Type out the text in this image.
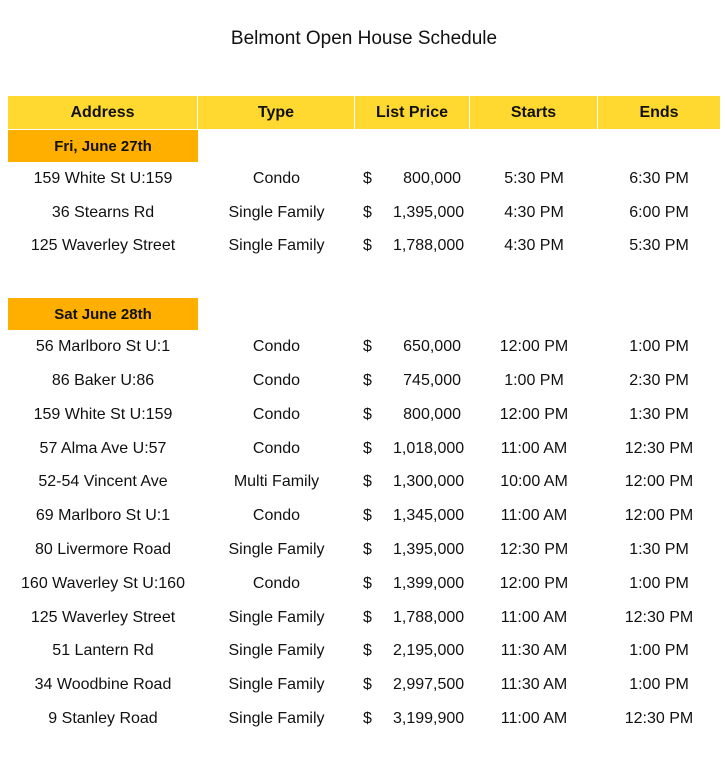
Belmont Open House Schedule
Address	Type	List Price	Starts	Ends
Fri, June 27th				
159 White St U:159	Condo	$ 800,000	5:30 PM	6:30 PM
36 Stearns Rd	Single Family	$ 1,395,000	4:30 PM	6:00 PM
125 Waverley Street	Single Family	$ 1,788,000	4:30 PM	5:30 PM

Sat June 28th				
56 Marlboro St U:1	Condo	$ 650,000	12:00 PM	1:00 PM
86 Baker U:86	Condo	$ 745,000	1:00 PM	2:30 PM
159 White St U:159	Condo	$ 800,000	12:00 PM	1:30 PM
57 Alma Ave U:57	Condo	$ 1,018,000	11:00 AM	12:30 PM
52-54 Vincent Ave	Multi Family	$ 1,300,000	10:00 AM	12:00 PM
69 Marlboro St U:1	Condo	$ 1,345,000	11:00 AM	12:00 PM
80 Livermore Road	Single Family	$ 1,395,000	12:30 PM	1:30 PM
160 Waverley St U:160	Condo	$ 1,399,000	12:00 PM	1:00 PM
125 Waverley Street	Single Family	$ 1,788,000	11:00 AM	12:30 PM
51 Lantern Rd	Single Family	$ 2,195,000	11:30 AM	1:00 PM
34 Woodbine Road	Single Family	$ 2,997,500	11:30 AM	1:00 PM
9 Stanley Road	Single Family	$ 3,199,900	11:00 AM	12:30 PM
